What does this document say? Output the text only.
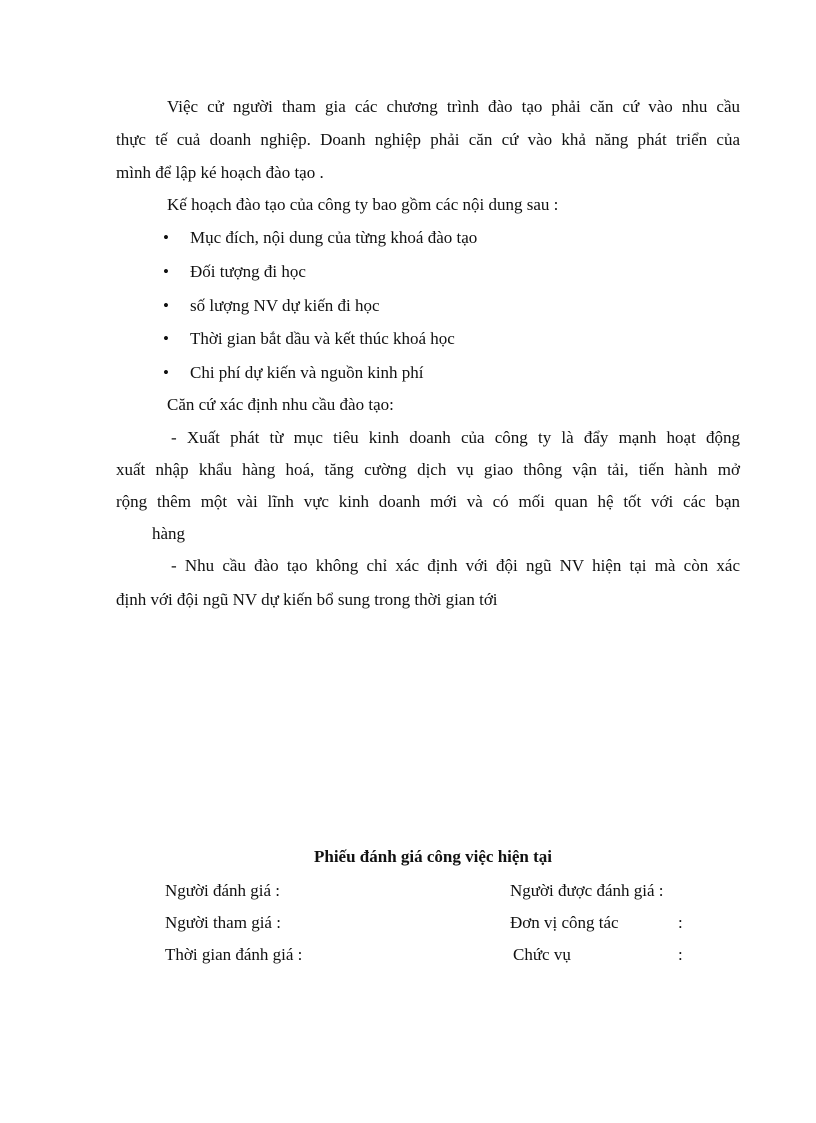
Việc cử người tham gia các chương trình đào tạo phải căn cứ vào nhu cầu
thực tế cuả doanh nghiệp. Doanh nghiệp phải căn cứ vào khả năng phát triển của
mình để lập ké hoạch đào tạo .
Kế hoạch đào tạo của công ty bao gồm các nội dung sau :
• Mục đích, nội dung của từng khoá đào tạo
• Đối tượng đi học
• số lượng NV dự kiến đi học
• Thời gian bắt dầu và kết thúc khoá học
• Chi phí dự kiến và nguồn kinh phí
Căn cứ xác định nhu cầu đào tạo:
- Xuất phát từ mục tiêu kinh doanh của công ty là đẩy mạnh hoạt động
xuất nhập khẩu hàng hoá, tăng cường dịch vụ giao thông vận tải, tiến hành mở
rộng thêm một vài lĩnh vực kinh doanh mới và có mối quan hệ tốt với các bạn
hàng
- Nhu cầu đào tạo không chỉ xác định với đội ngũ NV hiện tại mà còn xác
định với đội ngũ NV dự kiến bổ sung trong thời gian tới
Phiếu đánh giá công việc hiện tại
Người đánh giá :
Người tham giá :
Thời gian đánh giá :
Người được đánh giá :
Đơn vị công tác	:
Chức vụ	:
